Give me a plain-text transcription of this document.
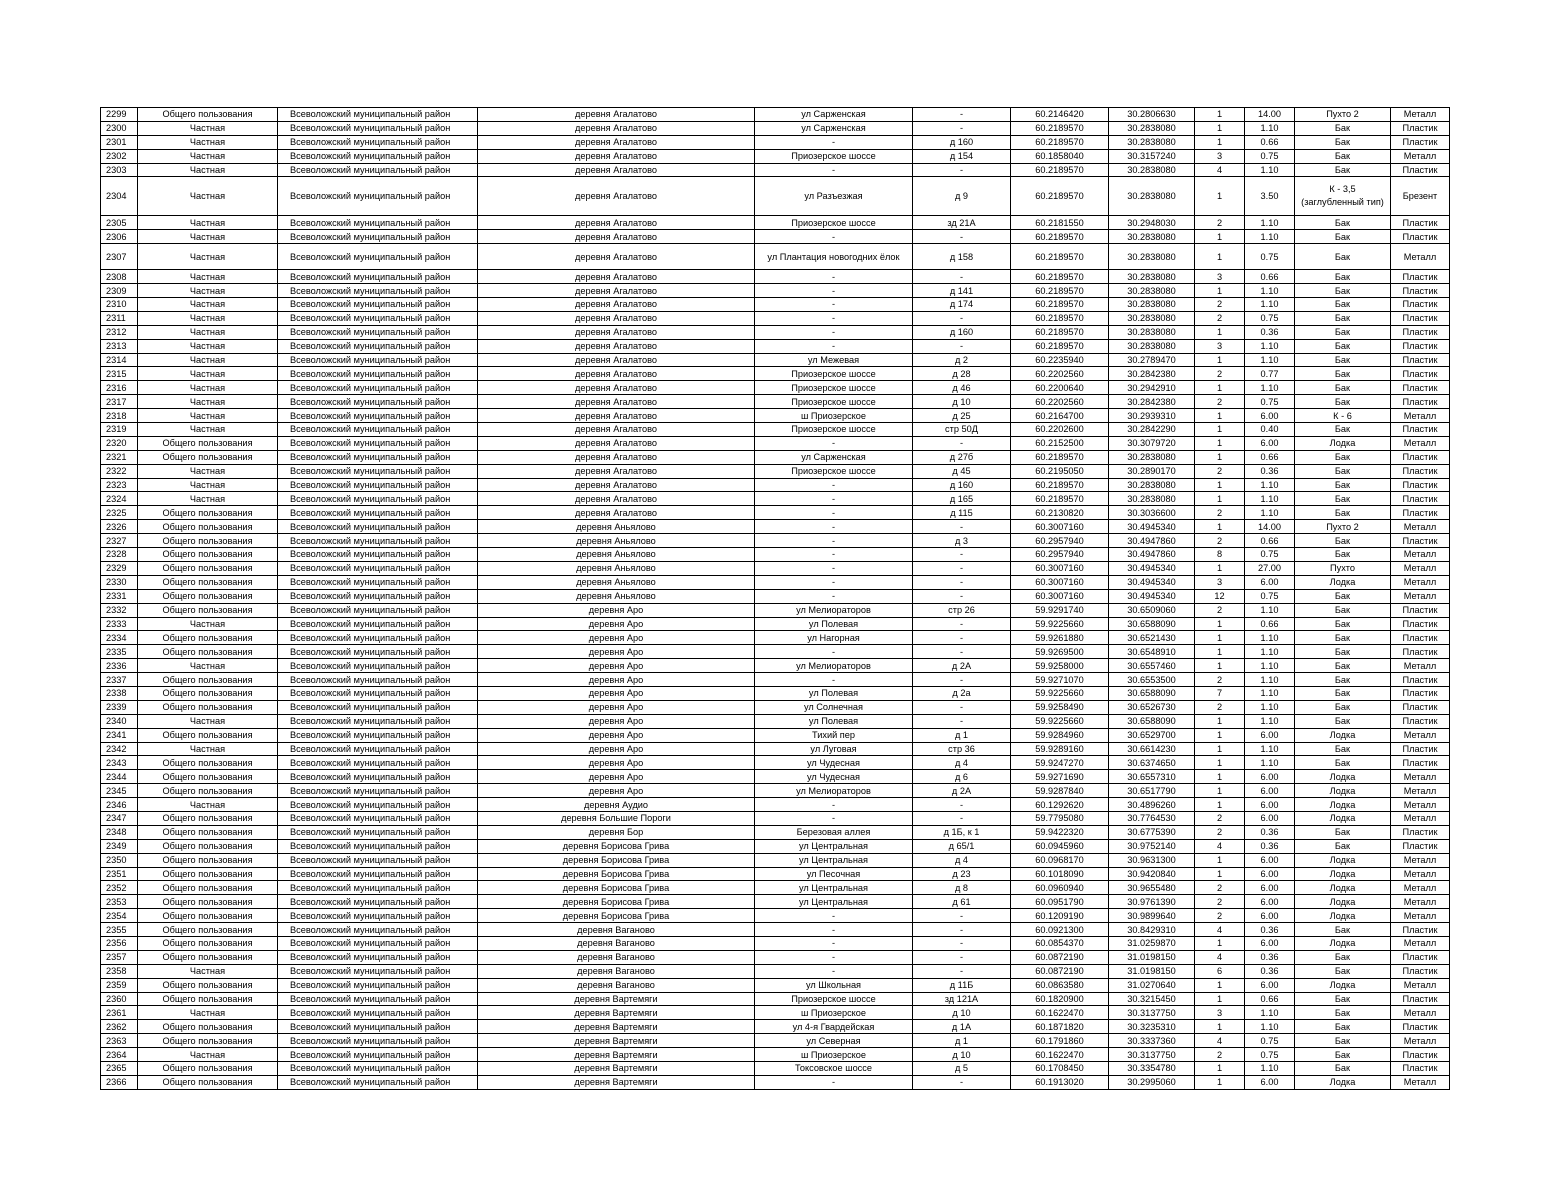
2299	Общего пользования	Всеволожский муниципальный район	деревня Агалатово	ул Сарженская	-	60.2146420	30.2806630	1	14.00	Пухто 2	Металл
2300	Частная	Всеволожский муниципальный район	деревня Агалатово	ул Сарженская	-	60.2189570	30.2838080	1	1.10	Бак	Пластик
2301	Частная	Всеволожский муниципальный район	деревня Агалатово	-	д 160	60.2189570	30.2838080	1	0.66	Бак	Пластик
2302	Частная	Всеволожский муниципальный район	деревня Агалатово	Приозерское шоссе	д 154	60.1858040	30.3157240	3	0.75	Бак	Металл
2303	Частная	Всеволожский муниципальный район	деревня Агалатово	-	-	60.2189570	30.2838080	4	1.10	Бак	Пластик
2304	Частная	Всеволожский муниципальный район	деревня Агалатово	ул Разъезжая	д 9	60.2189570	30.2838080	1	3.50	К - 3,5 (заглубленный тип)	Брезент
2305	Частная	Всеволожский муниципальный район	деревня Агалатово	Приозерское шоссе	зд 21А	60.2181550	30.2948030	2	1.10	Бак	Пластик
2306	Частная	Всеволожский муниципальный район	деревня Агалатово	-	-	60.2189570	30.2838080	1	1.10	Бак	Пластик
2307	Частная	Всеволожский муниципальный район	деревня Агалатово	ул Плантация новогодних ёлок	д 158	60.2189570	30.2838080	1	0.75	Бак	Металл
2308	Частная	Всеволожский муниципальный район	деревня Агалатово	-	-	60.2189570	30.2838080	3	0.66	Бак	Пластик
2309	Частная	Всеволожский муниципальный район	деревня Агалатово	-	д 141	60.2189570	30.2838080	1	1.10	Бак	Пластик
2310	Частная	Всеволожский муниципальный район	деревня Агалатово	-	д 174	60.2189570	30.2838080	2	1.10	Бак	Пластик
2311	Частная	Всеволожский муниципальный район	деревня Агалатово	-	-	60.2189570	30.2838080	2	0.75	Бак	Пластик
2312	Частная	Всеволожский муниципальный район	деревня Агалатово	-	д 160	60.2189570	30.2838080	1	0.36	Бак	Пластик
2313	Частная	Всеволожский муниципальный район	деревня Агалатово	-	-	60.2189570	30.2838080	3	1.10	Бак	Пластик
2314	Частная	Всеволожский муниципальный район	деревня Агалатово	ул Межевая	д 2	60.2235940	30.2789470	1	1.10	Бак	Пластик
2315	Частная	Всеволожский муниципальный район	деревня Агалатово	Приозерское шоссе	д 28	60.2202560	30.2842380	2	0.77	Бак	Пластик
2316	Частная	Всеволожский муниципальный район	деревня Агалатово	Приозерское шоссе	д 46	60.2200640	30.2942910	1	1.10	Бак	Пластик
2317	Частная	Всеволожский муниципальный район	деревня Агалатово	Приозерское шоссе	д 10	60.2202560	30.2842380	2	0.75	Бак	Пластик
2318	Частная	Всеволожский муниципальный район	деревня Агалатово	ш Приозерское	д 25	60.2164700	30.2939310	1	6.00	К - 6	Металл
2319	Частная	Всеволожский муниципальный район	деревня Агалатово	Приозерское шоссе	стр 50Д	60.2202600	30.2842290	1	0.40	Бак	Пластик
2320	Общего пользования	Всеволожский муниципальный район	деревня Агалатово	-	-	60.2152500	30.3079720	1	6.00	Лодка	Металл
2321	Общего пользования	Всеволожский муниципальный район	деревня Агалатово	ул Сарженская	д 27б	60.2189570	30.2838080	1	0.66	Бак	Пластик
2322	Частная	Всеволожский муниципальный район	деревня Агалатово	Приозерское шоссе	д 45	60.2195050	30.2890170	2	0.36	Бак	Пластик
2323	Частная	Всеволожский муниципальный район	деревня Агалатово	-	д 160	60.2189570	30.2838080	1	1.10	Бак	Пластик
2324	Частная	Всеволожский муниципальный район	деревня Агалатово	-	д 165	60.2189570	30.2838080	1	1.10	Бак	Пластик
2325	Общего пользования	Всеволожский муниципальный район	деревня Агалатово	-	д 115	60.2130820	30.3036600	2	1.10	Бак	Пластик
2326	Общего пользования	Всеволожский муниципальный район	деревня Аньялово	-	-	60.3007160	30.4945340	1	14.00	Пухто 2	Металл
2327	Общего пользования	Всеволожский муниципальный район	деревня Аньялово	-	д 3	60.2957940	30.4947860	2	0.66	Бак	Пластик
2328	Общего пользования	Всеволожский муниципальный район	деревня Аньялово	-	-	60.2957940	30.4947860	8	0.75	Бак	Металл
2329	Общего пользования	Всеволожский муниципальный район	деревня Аньялово	-	-	60.3007160	30.4945340	1	27.00	Пухто	Металл
2330	Общего пользования	Всеволожский муниципальный район	деревня Аньялово	-	-	60.3007160	30.4945340	3	6.00	Лодка	Металл
2331	Общего пользования	Всеволожский муниципальный район	деревня Аньялово	-	-	60.3007160	30.4945340	12	0.75	Бак	Металл
2332	Общего пользования	Всеволожский муниципальный район	деревня Аро	ул Мелиораторов	стр 26	59.9291740	30.6509060	2	1.10	Бак	Пластик
2333	Частная	Всеволожский муниципальный район	деревня Аро	ул Полевая	-	59.9225660	30.6588090	1	0.66	Бак	Пластик
2334	Общего пользования	Всеволожский муниципальный район	деревня Аро	ул Нагорная	-	59.9261880	30.6521430	1	1.10	Бак	Пластик
2335	Общего пользования	Всеволожский муниципальный район	деревня Аро	-	-	59.9269500	30.6548910	1	1.10	Бак	Пластик
2336	Частная	Всеволожский муниципальный район	деревня Аро	ул Мелиораторов	д 2А	59.9258000	30.6557460	1	1.10	Бак	Металл
2337	Общего пользования	Всеволожский муниципальный район	деревня Аро	-	-	59.9271070	30.6553500	2	1.10	Бак	Пластик
2338	Общего пользования	Всеволожский муниципальный район	деревня Аро	ул Полевая	д 2а	59.9225660	30.6588090	7	1.10	Бак	Пластик
2339	Общего пользования	Всеволожский муниципальный район	деревня Аро	ул Солнечная	-	59.9258490	30.6526730	2	1.10	Бак	Пластик
2340	Частная	Всеволожский муниципальный район	деревня Аро	ул Полевая	-	59.9225660	30.6588090	1	1.10	Бак	Пластик
2341	Общего пользования	Всеволожский муниципальный район	деревня Аро	Тихий пер	д 1	59.9284960	30.6529700	1	6.00	Лодка	Металл
2342	Частная	Всеволожский муниципальный район	деревня Аро	ул Луговая	стр 36	59.9289160	30.6614230	1	1.10	Бак	Пластик
2343	Общего пользования	Всеволожский муниципальный район	деревня Аро	ул Чудесная	д 4	59.9247270	30.6374650	1	1.10	Бак	Пластик
2344	Общего пользования	Всеволожский муниципальный район	деревня Аро	ул Чудесная	д 6	59.9271690	30.6557310	1	6.00	Лодка	Металл
2345	Общего пользования	Всеволожский муниципальный район	деревня Аро	ул Мелиораторов	д 2А	59.9287840	30.6517790	1	6.00	Лодка	Металл
2346	Частная	Всеволожский муниципальный район	деревня Аудио	-	-	60.1292620	30.4896260	1	6.00	Лодка	Металл
2347	Общего пользования	Всеволожский муниципальный район	деревня Большие Пороги	-	-	59.7795080	30.7764530	2	6.00	Лодка	Металл
2348	Общего пользования	Всеволожский муниципальный район	деревня Бор	Березовая аллея	д 1Б, к 1	59.9422320	30.6775390	2	0.36	Бак	Пластик
2349	Общего пользования	Всеволожский муниципальный район	деревня Борисова Грива	ул Центральная	д 65/1	60.0945960	30.9752140	4	0.36	Бак	Пластик
2350	Общего пользования	Всеволожский муниципальный район	деревня Борисова Грива	ул Центральная	д 4	60.0968170	30.9631300	1	6.00	Лодка	Металл
2351	Общего пользования	Всеволожский муниципальный район	деревня Борисова Грива	ул Песочная	д 23	60.1018090	30.9420840	1	6.00	Лодка	Металл
2352	Общего пользования	Всеволожский муниципальный район	деревня Борисова Грива	ул Центральная	д 8	60.0960940	30.9655480	2	6.00	Лодка	Металл
2353	Общего пользования	Всеволожский муниципальный район	деревня Борисова Грива	ул Центральная	д 61	60.0951790	30.9761390	2	6.00	Лодка	Металл
2354	Общего пользования	Всеволожский муниципальный район	деревня Борисова Грива	-	-	60.1209190	30.9899640	2	6.00	Лодка	Металл
2355	Общего пользования	Всеволожский муниципальный район	деревня Ваганово	-	-	60.0921300	30.8429310	4	0.36	Бак	Пластик
2356	Общего пользования	Всеволожский муниципальный район	деревня Ваганово	-	-	60.0854370	31.0259870	1	6.00	Лодка	Металл
2357	Общего пользования	Всеволожский муниципальный район	деревня Ваганово	-	-	60.0872190	31.0198150	4	0.36	Бак	Пластик
2358	Частная	Всеволожский муниципальный район	деревня Ваганово	-	-	60.0872190	31.0198150	6	0.36	Бак	Пластик
2359	Общего пользования	Всеволожский муниципальный район	деревня Ваганово	ул Школьная	д 11Б	60.0863580	31.0270640	1	6.00	Лодка	Металл
2360	Общего пользования	Всеволожский муниципальный район	деревня Вартемяги	Приозерское шоссе	зд 121А	60.1820900	30.3215450	1	0.66	Бак	Пластик
2361	Частная	Всеволожский муниципальный район	деревня Вартемяги	ш Приозерское	д 10	60.1622470	30.3137750	3	1.10	Бак	Металл
2362	Общего пользования	Всеволожский муниципальный район	деревня Вартемяги	ул 4-я Гвардейская	д 1А	60.1871820	30.3235310	1	1.10	Бак	Пластик
2363	Общего пользования	Всеволожский муниципальный район	деревня Вартемяги	ул Северная	д 1	60.1791860	30.3337360	4	0.75	Бак	Металл
2364	Частная	Всеволожский муниципальный район	деревня Вартемяги	ш Приозерское	д 10	60.1622470	30.3137750	2	0.75	Бак	Пластик
2365	Общего пользования	Всеволожский муниципальный район	деревня Вартемяги	Токсовское шоссе	д 5	60.1708450	30.3354780	1	1.10	Бак	Пластик
2366	Общего пользования	Всеволожский муниципальный район	деревня Вартемяги	-	-	60.1913020	30.2995060	1	6.00	Лодка	Металл
